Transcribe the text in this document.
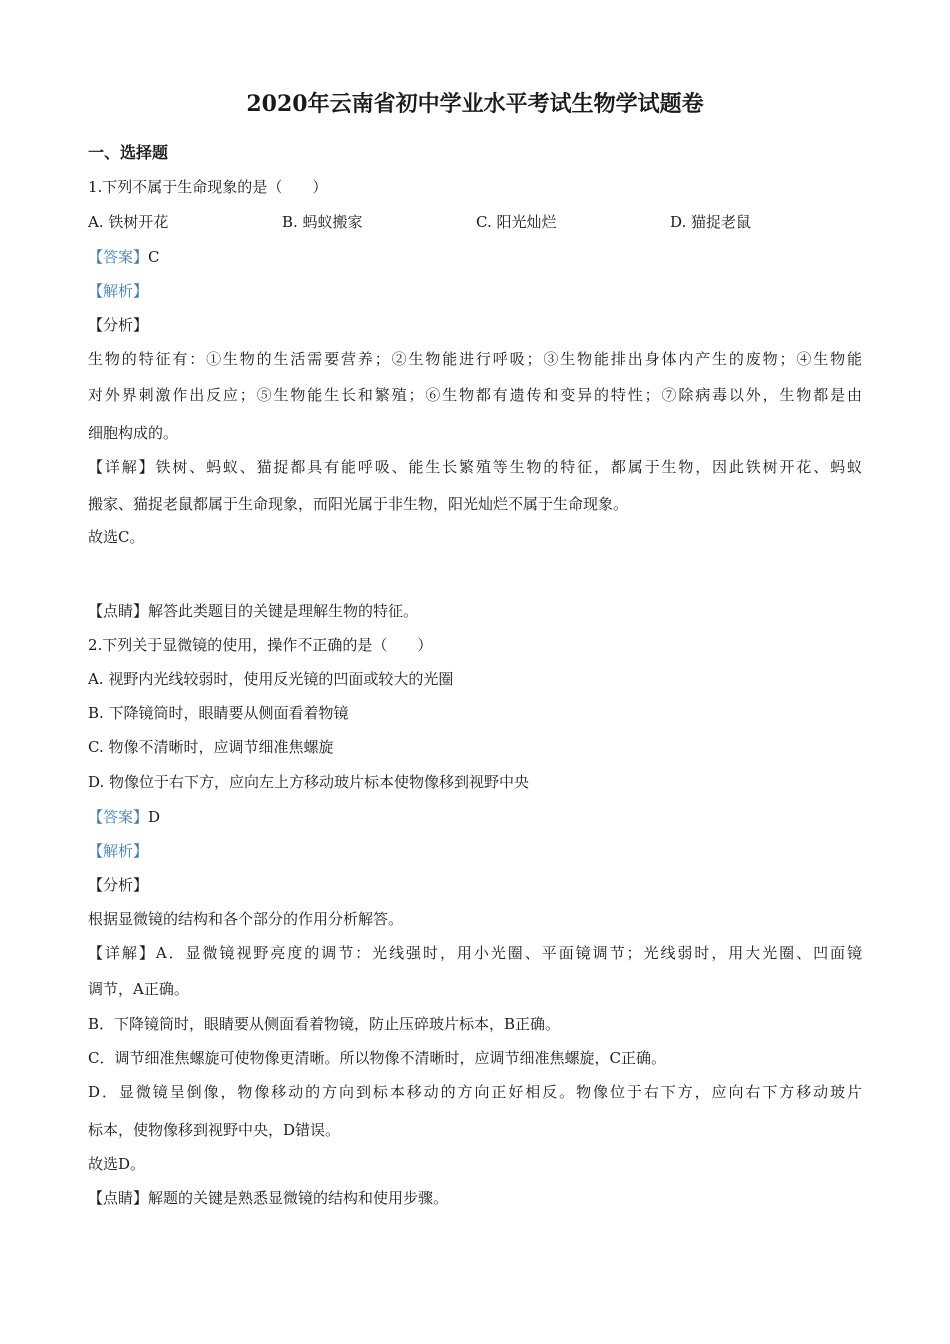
2020年云南省初中学业水平考试生物学试题卷
一、选择题
1.下列不属于生命现象的是（　　）
A. 铁树开花	B. 蚂蚁搬家	C. 阳光灿烂	D. 猫捉老鼠
【答案】C
【解析】
【分析】
生物的特征有：①生物的生活需要营养；②生物能进行呼吸；③生物能排出身体内产生的废物；④生物能
对外界刺激作出反应；⑤生物能生长和繁殖；⑥生物都有遗传和变异的特性；⑦除病毒以外，生物都是由
细胞构成的。
【详解】铁树、蚂蚁、猫捉都具有能呼吸、能生长繁殖等生物的特征，都属于生物，因此铁树开花、蚂蚁
搬家、猫捉老鼠都属于生命现象，而阳光属于非生物，阳光灿烂不属于生命现象。
故选C。
【点睛】解答此类题目的关键是理解生物的特征。
2.下列关于显微镜的使用，操作不正确的是（　　）
A. 视野内光线较弱时，使用反光镜的凹面或较大的光圈
B. 下降镜筒时，眼睛要从侧面看着物镜
C. 物像不清晰时，应调节细准焦螺旋
D. 物像位于右下方，应向左上方移动玻片标本使物像移到视野中央
【答案】D
【解析】
【分析】
根据显微镜的结构和各个部分的作用分析解答。
【详解】A．显微镜视野亮度的调节：光线强时，用小光圈、平面镜调节；光线弱时，用大光圈、凹面镜
调节，A正确。
B．下降镜筒时，眼睛要从侧面看着物镜，防止压碎玻片标本，B正确。
C．调节细准焦螺旋可使物像更清晰。所以物像不清晰时，应调节细准焦螺旋，C正确。
D．显微镜呈倒像，物像移动的方向到标本移动的方向正好相反。物像位于右下方，应向右下方移动玻片
标本，使物像移到视野中央，D错误。
故选D。
【点睛】解题的关键是熟悉显微镜的结构和使用步骤。
